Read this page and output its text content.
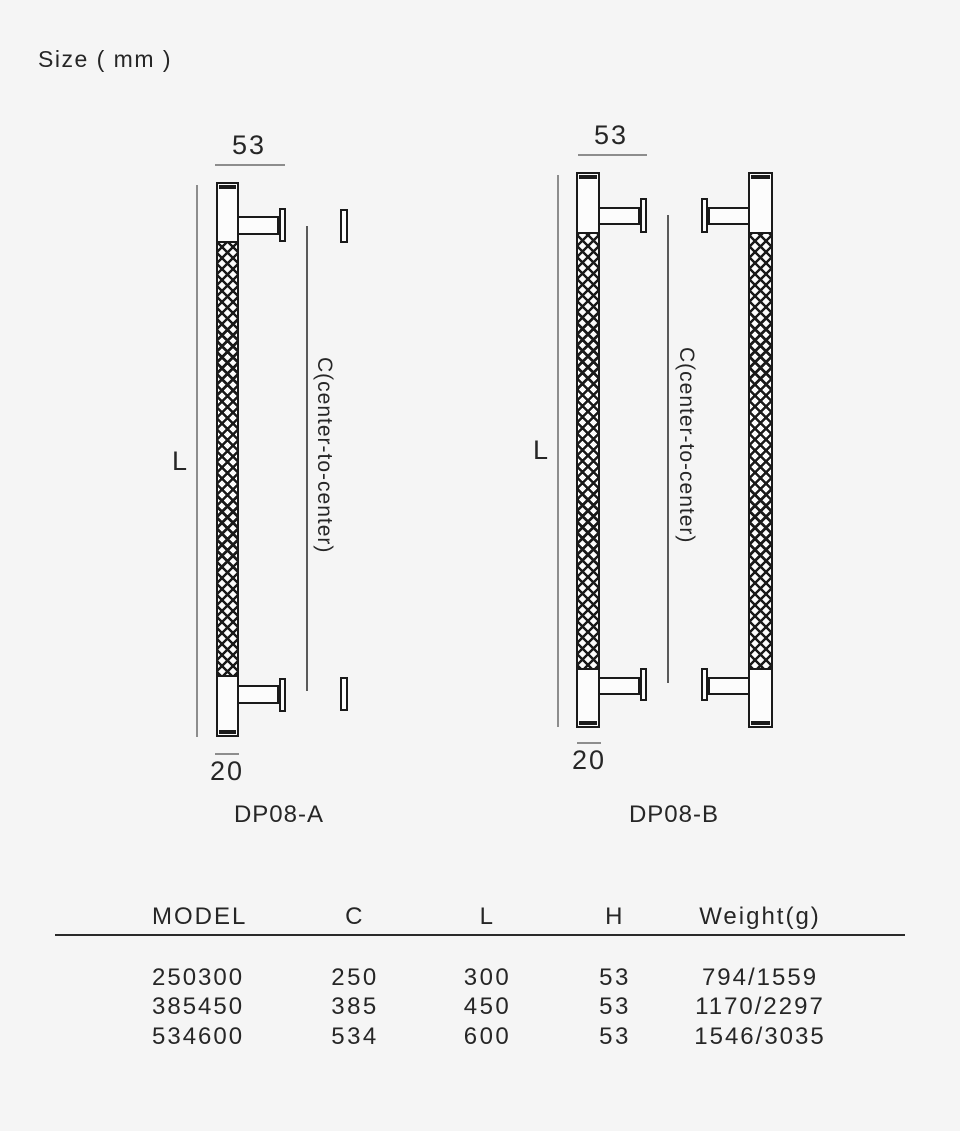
Size ( mm )
53
L	C(center-to-center)
20
DP08-A
53
L	C(center-to-center)
20
DP08-B
MODEL	C	L	H	Weight(g)
250300	250	300	53	794/1559
385450	385	450	53	1170/2297
534600	534	600	53	1546/3035
